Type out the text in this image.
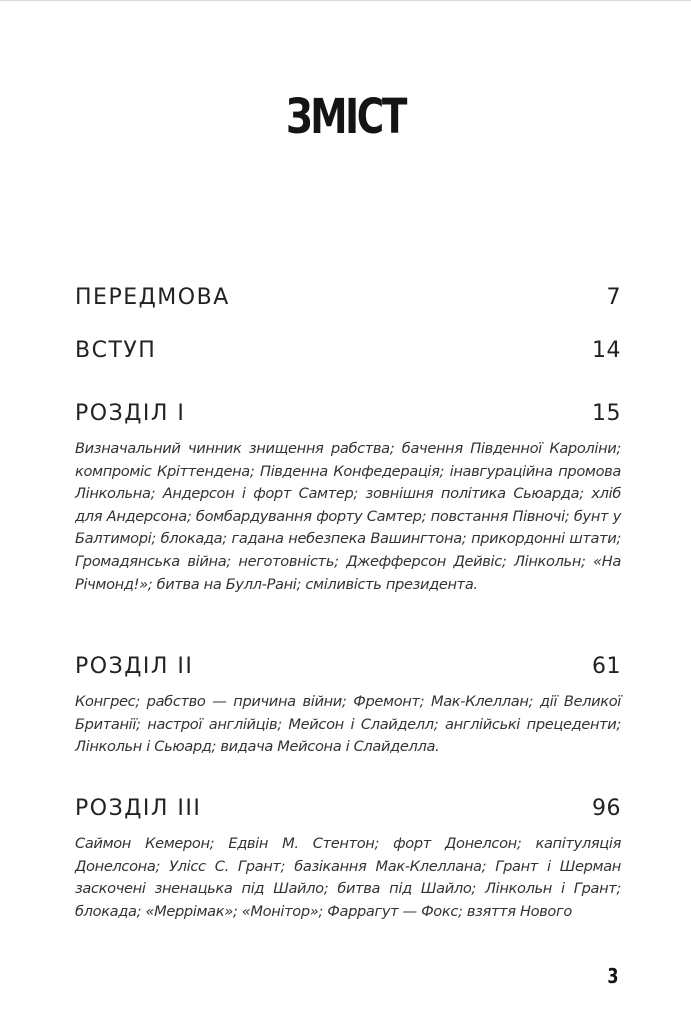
ЗМІСТ
ПЕРЕДМОВА	7
ВСТУП	14
РОЗДІЛ І	15
Визначальний чинник знищення рабства; бачення Південної Кароліни; компроміс Кріттендена; Південна Конфедерація; інавгураційна промова Лінкольна; Андерсон і форт Самтер; зовнішня політика Сьюарда; хліб для Андерсона; бомбардування форту Самтер; повстання Півночі; бунт у Балтиморі; блокада; гадана небезпека Вашингтона; прикордонні штати; Громадянська війна; неготовність; Джефферсон Дейвіс; Лінкольн; «На Річмонд!»; битва на Булл-Рані; сміливість президента.
РОЗДІЛ ІІ	61
Конгрес; рабство — причина війни; Фремонт; Мак-Клеллан; дії Великої Британії; настрої англійців; Мейсон і Слайделл; англійські прецеденти; Лінкольн і Сьюард; видача Мейсона і Слайделла.
РОЗДІЛ ІІІ	96
Саймон Кемерон; Едвін М. Стентон; форт Донелсон; капітуляція Донелсона; Улісс С. Грант; базікання Мак-Клеллана; Грант і Шерман заскочені зненацька під Шайло; битва під Шайло; Лінкольн і Грант; блокада; «Меррімак»; «Монітор»; Фаррагут — Фокс; взяття Нового
3
